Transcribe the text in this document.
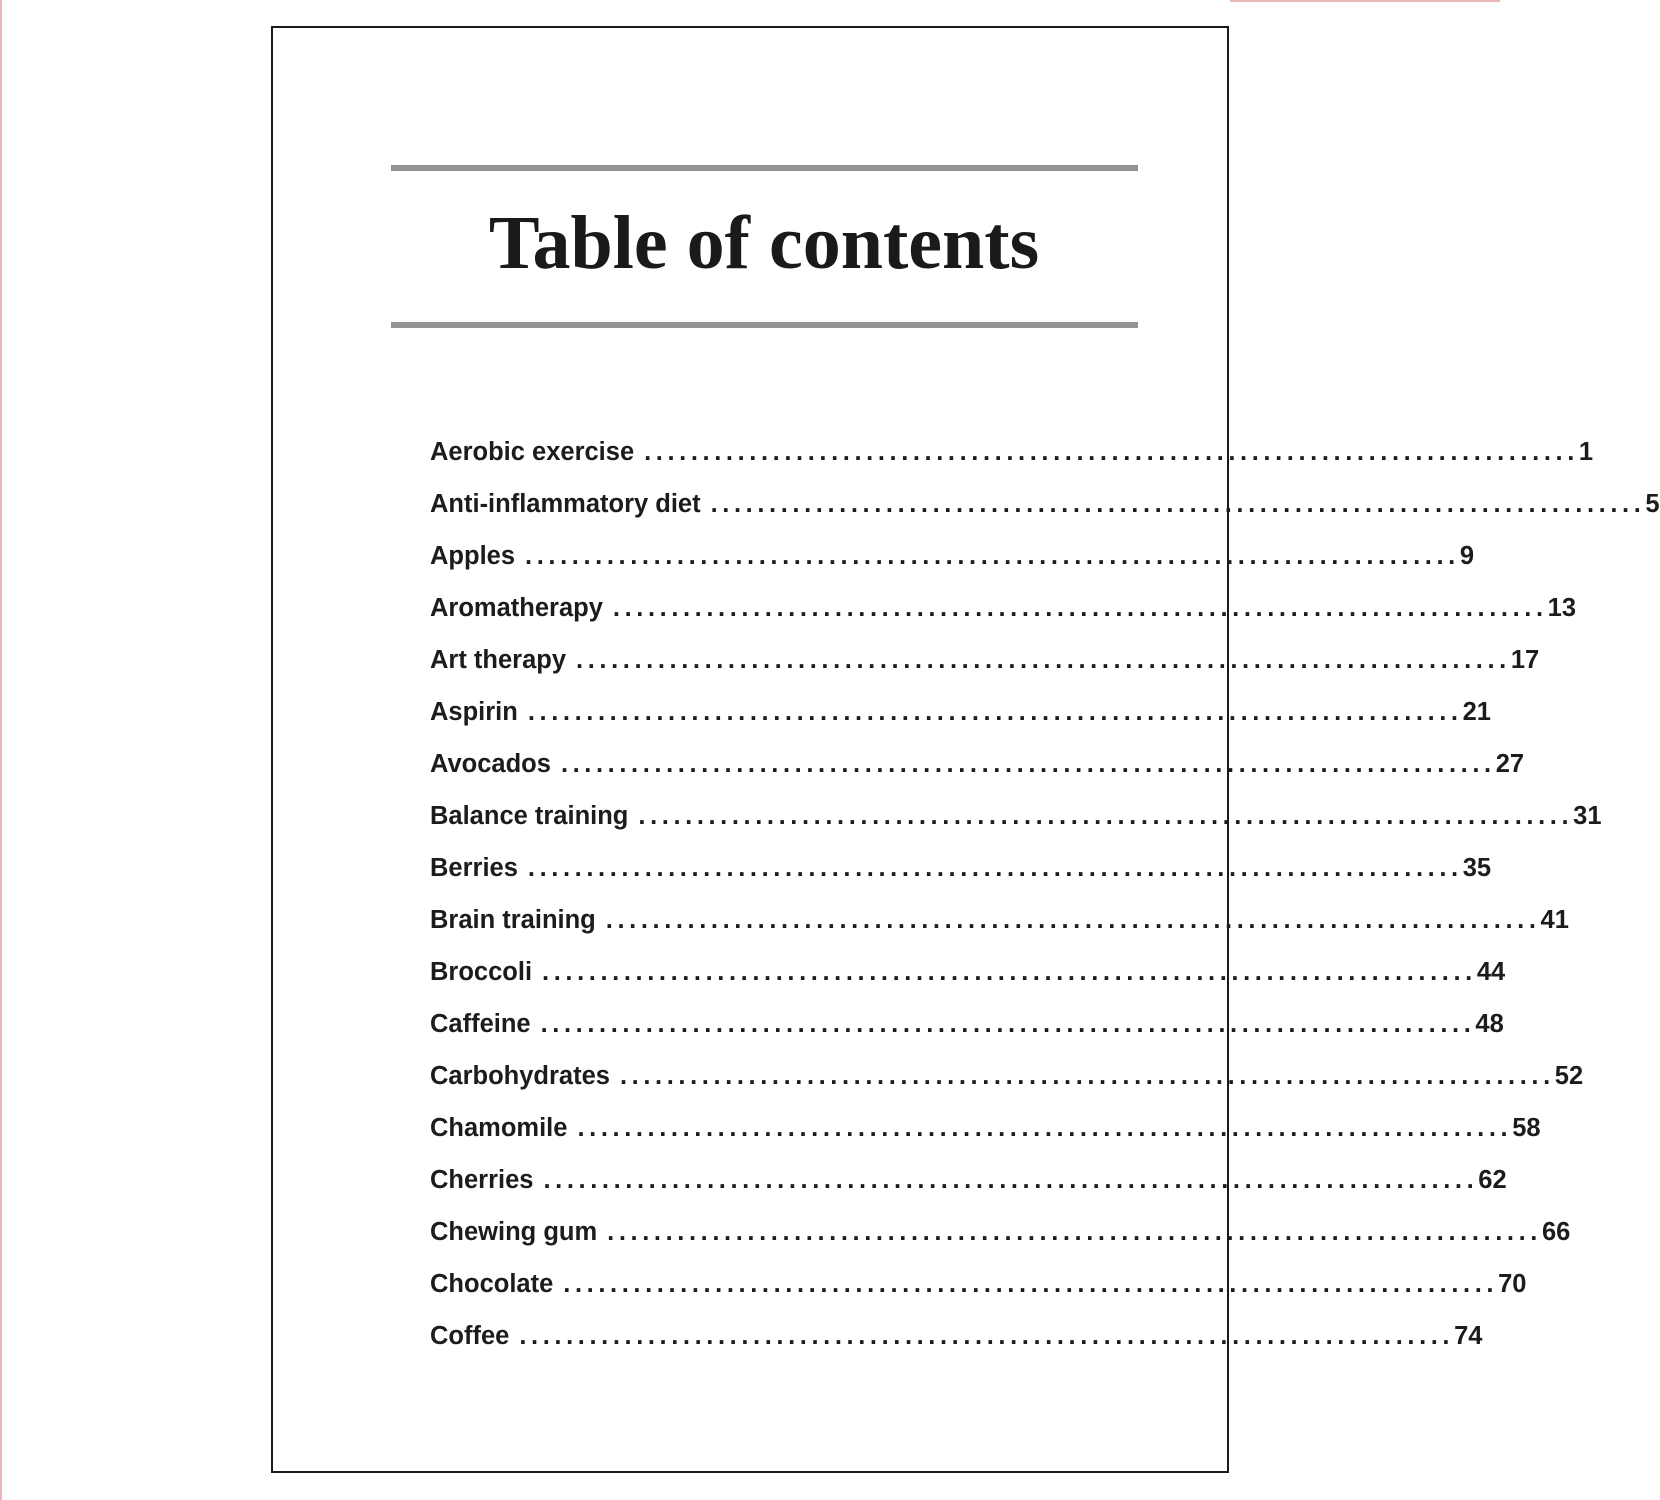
Table of contents
Aerobic exercise ................................................................................ 1
Anti-inflammatory diet ................................................................................ 5
Apples ................................................................................ 9
Aromatherapy ................................................................................ 13
Art therapy ................................................................................ 17
Aspirin ................................................................................ 21
Avocados ................................................................................ 27
Balance training ................................................................................ 31
Berries ................................................................................ 35
Brain training ................................................................................ 41
Broccoli ................................................................................ 44
Caffeine ................................................................................ 48
Carbohydrates ................................................................................ 52
Chamomile ................................................................................ 58
Cherries ................................................................................ 62
Chewing gum ................................................................................ 66
Chocolate ................................................................................ 70
Coffee ................................................................................ 74
